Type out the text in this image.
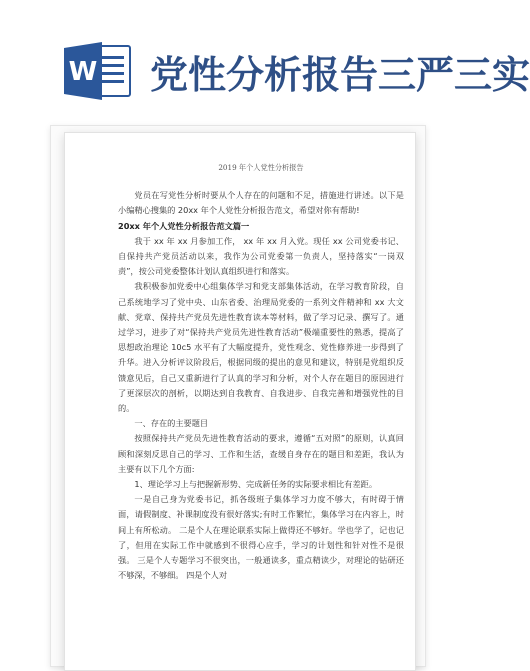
W 党性分析报告三严三实
2019 年个人党性分析报告

党员在写党性分析时要从个人存在的问题和不足，措施进行讲述。以下是小编精心搜集的 20xx 年个人党性分析报告范文，希望对你有帮助!

20xx 年个人党性分析报告范文篇一

我于 xx 年 xx 月参加工作， xx 年 xx 月入党。现任 xx 公司党委书记、自保持共产党员活动以来，我作为公司党委第一负责人，坚持落实“一岗双责”，按公司党委整体计划认真组织进行和落实。

我积极参加党委中心组集体学习和党支部集体活动，在学习教育阶段，自己系统地学习了党中央、山东省委、治理局党委的一系列文件精神和 xx 大文献、党章、保持共产党员先进性教育读本等材料，做了学习记录、撰写了。通过学习，进步了对“保持共产党员先进性教育活动”极端重要性的熟悉，提高了思想政治理论 10c5 水平有了大幅度提升，党性观念、党性修养进一步得到了升华。进入分析评议阶段后，根据同级的提出的意见和建议，特别是党组织反馈意见后，自己又重新进行了认真的学习和分析，对个人存在题目的原因进行了更深层次的剖析，以期达到自我教育、自我进步、自我完善和增强党性的目的。

一、存在的主要题目

按照保持共产党员先进性教育活动的要求，遵循“五对照”的原则，认真回顾和深刻反思自己的学习、工作和生活，查缓自身存在的题目和差距，我认为主要有以下几个方面:

1、理论学习上与把握新形势、完成新任务的实际要求相比有差距。

一是自己身为党委书记，抓各级班子集体学习力度不够大，有时碍于情面，请假制度、补课制度没有很好落实;有时工作繁忙，集体学习在内容上，时间上有所松动。 二是个人在理论联系实际上做得还不够好。学也学了，记也记了，但用在实际工作中就感到不很得心应手，学习的计划性和针对性不是很强。 三是个人专题学习不很突出，一般通读多，重点精读少，对理论的钻研还不够深，不够细。 四是个人对
